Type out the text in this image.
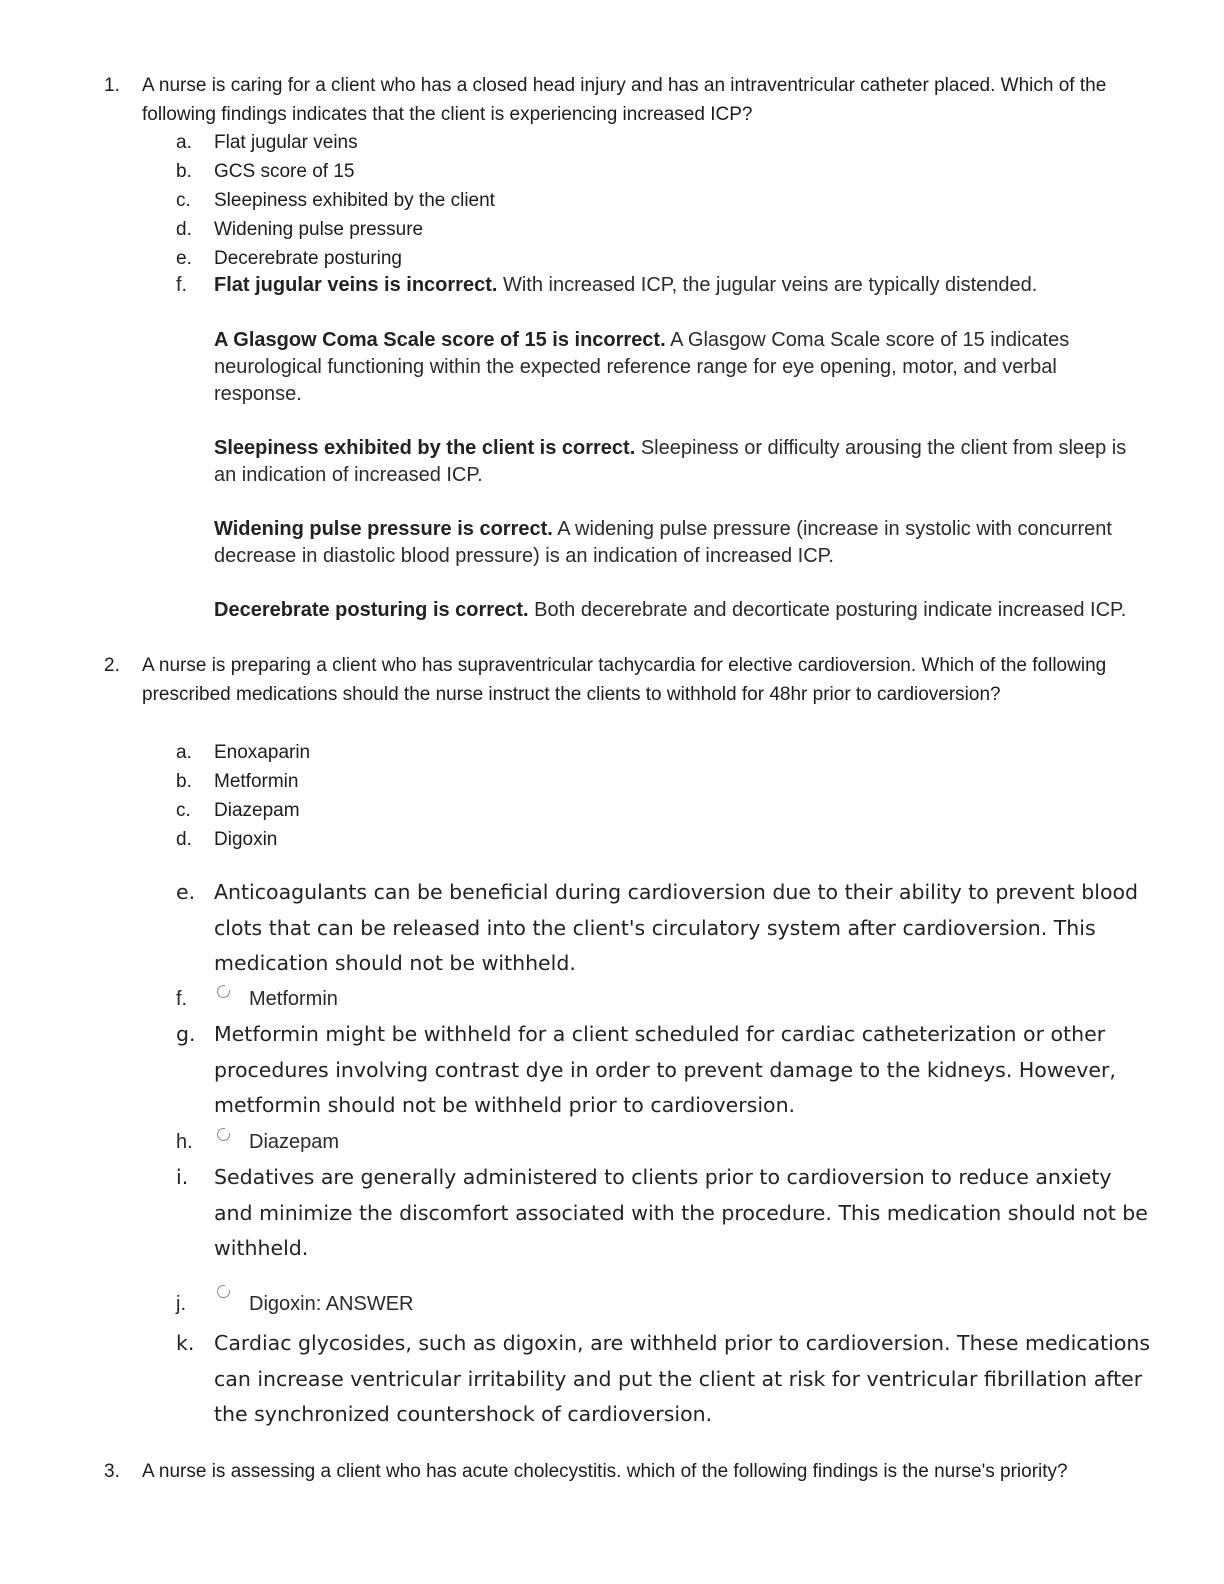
1. A nurse is caring for a client who has a closed head injury and has an intraventricular catheter placed. Which of the following findings indicates that the client is experiencing increased ICP?
a. Flat jugular veins
b. GCS score of 15
c. Sleepiness exhibited by the client
d. Widening pulse pressure
e. Decerebrate posturing
f. Flat jugular veins is incorrect. With increased ICP, the jugular veins are typically distended.
A Glasgow Coma Scale score of 15 is incorrect. A Glasgow Coma Scale score of 15 indicates neurological functioning within the expected reference range for eye opening, motor, and verbal response.
Sleepiness exhibited by the client is correct. Sleepiness or difficulty arousing the client from sleep is an indication of increased ICP.
Widening pulse pressure is correct. A widening pulse pressure (increase in systolic with concurrent decrease in diastolic blood pressure) is an indication of increased ICP.
Decerebrate posturing is correct. Both decerebrate and decorticate posturing indicate increased ICP.
2. A nurse is preparing a client who has supraventricular tachycardia for elective cardioversion. Which of the following prescribed medications should the nurse instruct the clients to withhold for 48hr prior to cardioversion?
a. Enoxaparin
b. Metformin
c. Diazepam
d. Digoxin
e. Anticoagulants can be beneficial during cardioversion due to their ability to prevent blood clots that can be released into the client's circulatory system after cardioversion. This medication should not be withheld.
f.	Metformin
g. Metformin might be withheld for a client scheduled for cardiac catheterization or other procedures involving contrast dye in order to prevent damage to the kidneys. However, metformin should not be withheld prior to cardioversion.
h.	Diazepam
i. Sedatives are generally administered to clients prior to cardioversion to reduce anxiety and minimize the discomfort associated with the procedure. This medication should not be withheld.
j.	Digoxin: ANSWER
k. Cardiac glycosides, such as digoxin, are withheld prior to cardioversion. These medications can increase ventricular irritability and put the client at risk for ventricular fibrillation after the synchronized countershock of cardioversion.
3. A nurse is assessing a client who has acute cholecystitis. which of the following findings is the nurse's priority?
